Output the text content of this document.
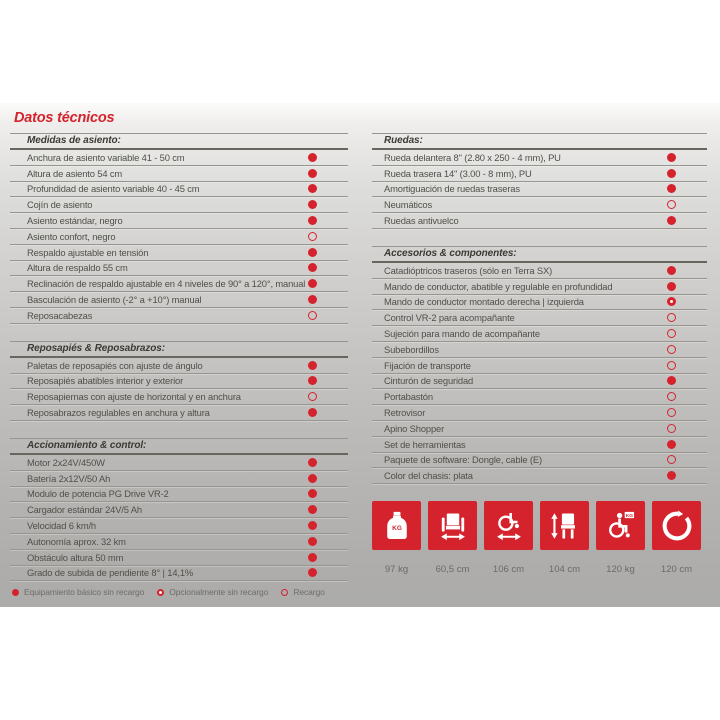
Datos técnicos
Medidas de asiento:
Anchura de asiento variable 41 - 50 cm
Altura de asiento 54 cm
Profundidad de asiento variable 40 - 45 cm
Cojín de asiento
Asiento estándar, negro
Asiento confort, negro
Respaldo ajustable en tensión
Altura de respaldo 55 cm
Reclinación de respaldo ajustable en 4 niveles de 90° a 120°, manual
Basculación de asiento (-2° a +10°) manual
Reposacabezas
Reposapiés & Reposabrazos:
Paletas de reposapiés con ajuste de ángulo
Reposapiés abatibles interior y exterior
Reposapiernas con ajuste de horizontal y en anchura
Reposabrazos regulables en anchura y altura
Accionamiento & control:
Motor 2x24V/450W
Batería 2x12V/50 Ah
Modulo de potencia PG Drive VR-2
Cargador estándar 24V/5 Ah
Velocidad 6 km/h
Autonomía aprox. 32 km
Obstáculo altura 50 mm
Grado de subida de pendiente 8° | 14,1%
Ruedas:
Rueda delantera 8" (2.80 x 250 - 4 mm), PU
Rueda trasera 14" (3.00 - 8 mm), PU
Amortiguación de ruedas traseras
Neumáticos
Ruedas antivuelco
Accesorios & componentes:
Catadióptricos traseros (sólo en Terra SX)
Mando de conductor, abatible y regulable en profundidad
Mando de conductor montado derecha | izquierda
Control VR-2 para acompañante
Sujeción para mando de acompañante
Subebordillos
Fijación de transporte
Cinturón de seguridad
Portabastón
Retrovisor
Apino Shopper
Set de herramientas
Paquete de software: Dongle, cable (E)
Color del chasis: plata
KG
97 kg	60,5 cm 106 cm	104 cm
KG
120 kg	120 cm
Equipamiento básico sin recargo	Opcionalmente sin recargo	Recargo
